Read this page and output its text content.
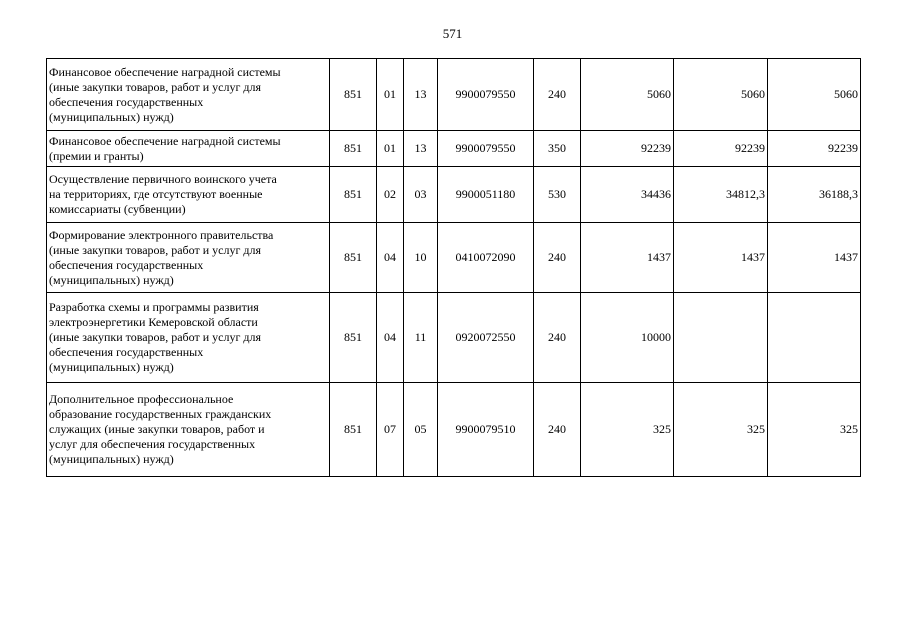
571
Финансовое обеспечение наградной системы
(иные закупки товаров, работ и услуг для
обеспечения государственных
(муниципальных) нужд)	851	01	13	9900079550	240	5060	5060	5060

Финансовое обеспечение наградной системы
(премии и гранты)	851	01	13	9900079550	350	92239	92239	92239

Осуществление первичного воинского учета
на территориях, где отсутствуют военные
комиссариаты (субвенции)	851	02	03	9900051180	530	34436	34812,3	36188,3

Формирование электронного правительства
(иные закупки товаров, работ и услуг для
обеспечения государственных
(муниципальных) нужд)	851	04	10	0410072090	240	1437	1437	1437

Разработка схемы и программы развития
электроэнергетики Кемеровской области
(иные закупки товаров, работ и услуг для
обеспечения государственных
(муниципальных) нужд)	851	04	11	0920072550	240	10000		

Дополнительное профессиональное
образование государственных гражданских
служащих (иные закупки товаров, работ и
услуг для обеспечения государственных
(муниципальных) нужд)	851	07	05	9900079510	240	325	325	325
